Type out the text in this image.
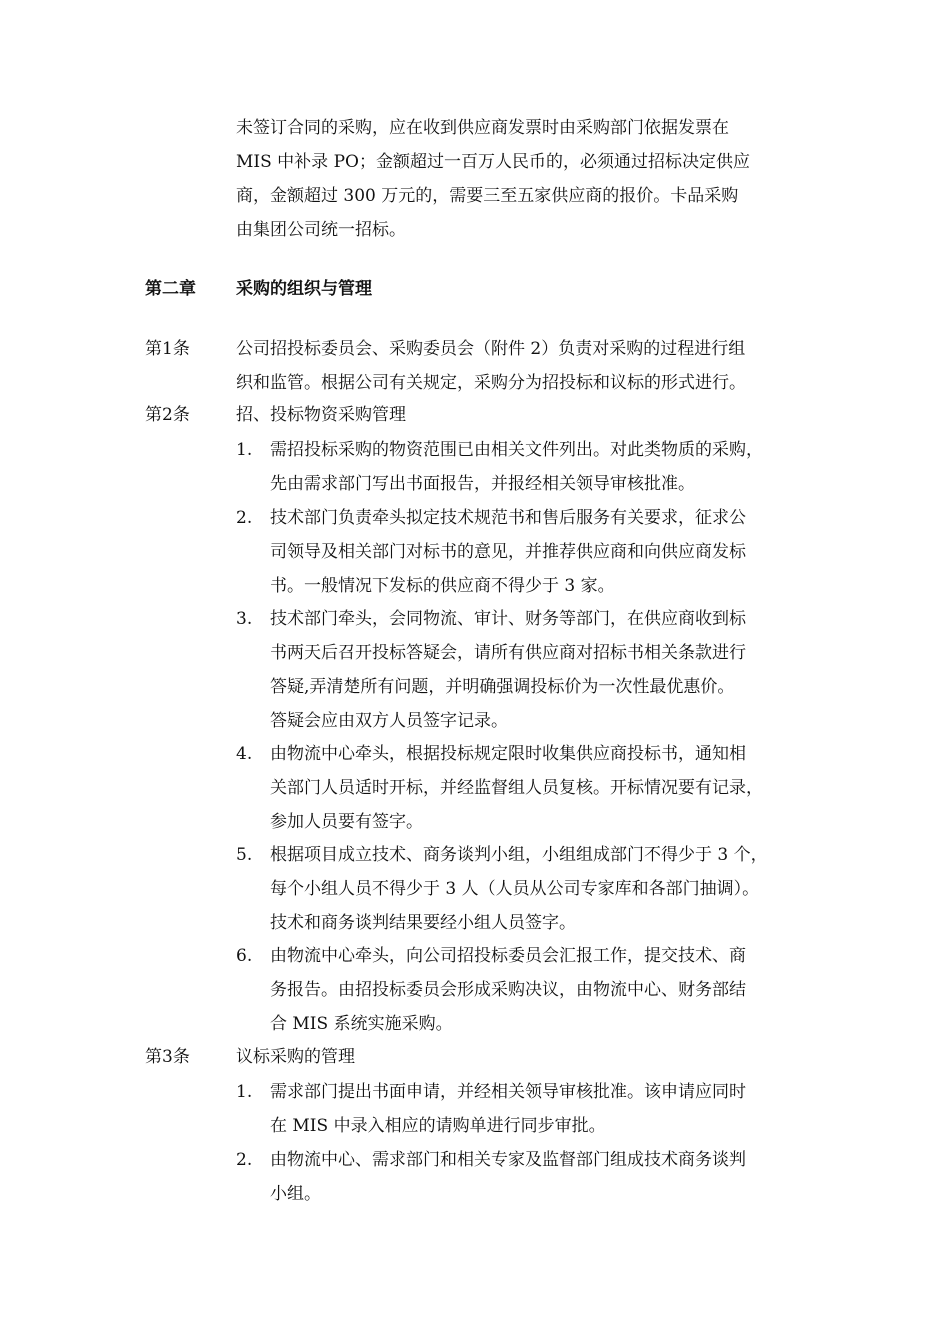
未签订合同的采购，应在收到供应商发票时由采购部门依据发票在
MIS 中补录 PO；金额超过一百万人民币的，必须通过招标决定供应
商，金额超过 300 万元的，需要三至五家供应商的报价。卡品采购
由集团公司统一招标。
第二章 采购的组织与管理
第1条	公司招投标委员会、采购委员会（附件 2）负责对采购的过程进行组
织和监管。根据公司有关规定，采购分为招投标和议标的形式进行。
第2条	招、投标物资采购管理
1. 需招投标采购的物资范围已由相关文件列出。对此类物质的采购，
先由需求部门写出书面报告，并报经相关领导审核批准。
2. 技术部门负责牵头拟定技术规范书和售后服务有关要求，征求公
司领导及相关部门对标书的意见，并推荐供应商和向供应商发标
书。一般情况下发标的供应商不得少于 3 家。
3. 技术部门牵头，会同物流、审计、财务等部门，在供应商收到标
书两天后召开投标答疑会，请所有供应商对招标书相关条款进行
答疑,弄清楚所有问题，并明确强调投标价为一次性最优惠价。
答疑会应由双方人员签字记录。
4. 由物流中心牵头，根据投标规定限时收集供应商投标书，通知相
关部门人员适时开标，并经监督组人员复核。开标情况要有记录，
参加人员要有签字。
5. 根据项目成立技术、商务谈判小组，小组组成部门不得少于 3 个，
每个小组人员不得少于 3 人（人员从公司专家库和各部门抽调）。
技术和商务谈判结果要经小组人员签字。
6. 由物流中心牵头，向公司招投标委员会汇报工作，提交技术、商
务报告。由招投标委员会形成采购决议，由物流中心、财务部结
合 MIS 系统实施采购。
第3条	议标采购的管理
1. 需求部门提出书面申请，并经相关领导审核批准。该申请应同时
在 MIS 中录入相应的请购单进行同步审批。
2. 由物流中心、需求部门和相关专家及监督部门组成技术商务谈判
小组。
